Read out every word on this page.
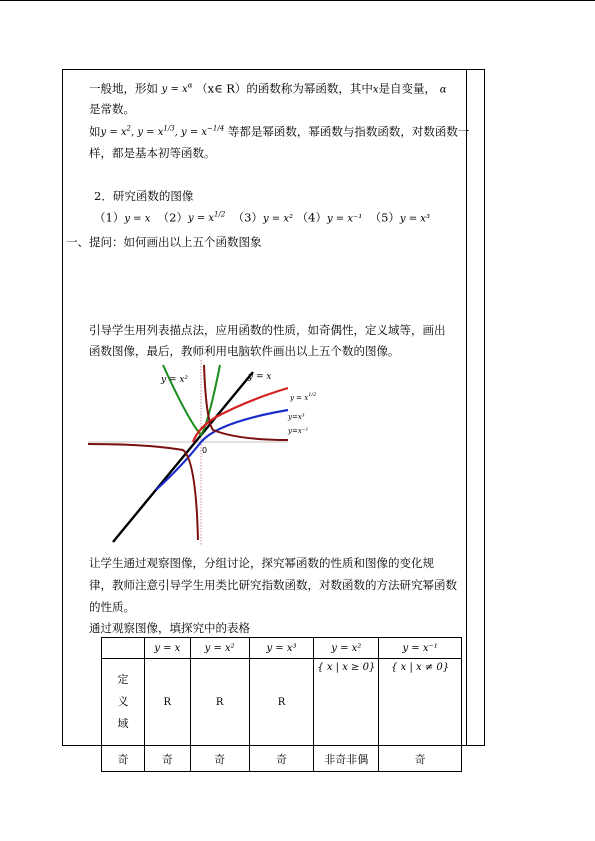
一般地，形如 $y = x^\alpha$ （x∈ R）的函数称为幂函数，其中x是自变量， α
是常数。
如$y = x^2$, $y = x^{1/3}$, $y = x^{-1/4}$ 等都是幂函数，幂函数与指数函数，对数函数一
样，都是基本初等函数。
2．研究函数的图像
（1）y = x $(2)y = x^{1/2}$ （3）y = x² （4）y = x⁻¹ （5）y = x³
一、提问：如何画出以上五个函数图象
引导学生用列表描点法，应用函数的性质，如奇偶性，定义域等，画出
函数图像，最后，教师利用电脑软件画出以上五个数的图像。
y = x²	y = x
$y = x^{1/2}$
y=x³
y=x⁻¹
0
让学生通过观察图像，分组讨论，探究幂函数的性质和图像的变化规
律，教师注意引导学生用类比研究指数函数，对数函数的方法研究幂函数
的性质。
通过观察图像，填探究中的表格
	y = x	y = x²	y = x³	y = x²	y = x⁻¹

定
义
域	R	R	R	{ x | x ≥ 0}	{ x | x ≠ 0}
奇	奇	奇	奇	非奇非偶	奇
